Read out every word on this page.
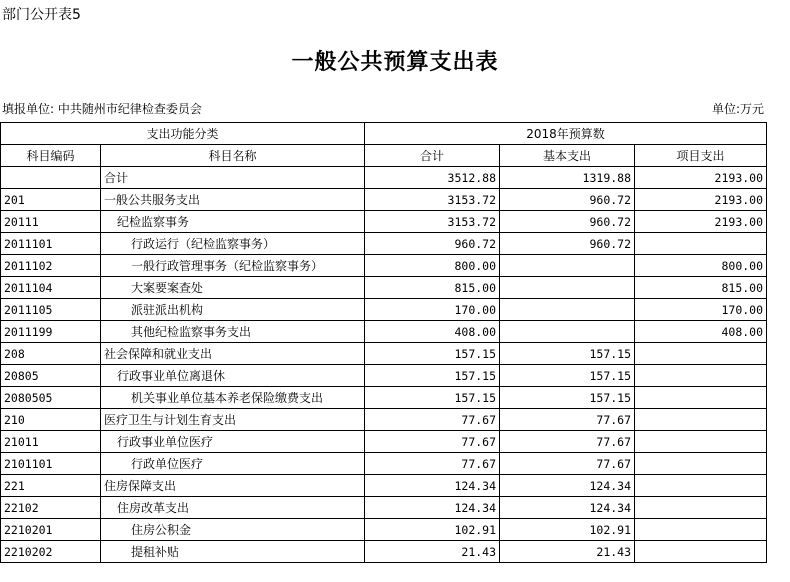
部门公开表5
一般公共预算支出表
填报单位: 中共随州市纪律检查委员会	单位:万元
支出功能分类		2018年预算数		
科目编码	科目名称	合计	基本支出	项目支出
	合计	3512.88	1319.88	2193.00
201	一般公共服务支出	3153.72	960.72	2193.00
20111	纪检监察事务	3153.72	960.72	2193.00
2011101	行政运行（纪检监察事务）	960.72	960.72	
2011102	一般行政管理事务（纪检监察事务）	800.00		800.00
2011104	大案要案查处	815.00		815.00
2011105	派驻派出机构	170.00		170.00
2011199	其他纪检监察事务支出	408.00		408.00
208	社会保障和就业支出	157.15	157.15	
20805	行政事业单位离退休	157.15	157.15	
2080505	机关事业单位基本养老保险缴费支出	157.15	157.15	
210	医疗卫生与计划生育支出	77.67	77.67	
21011	行政事业单位医疗	77.67	77.67	
2101101	行政单位医疗	77.67	77.67	
221	住房保障支出	124.34	124.34	
22102	住房改革支出	124.34	124.34	
2210201	住房公积金	102.91	102.91	
2210202	提租补贴	21.43	21.43	
